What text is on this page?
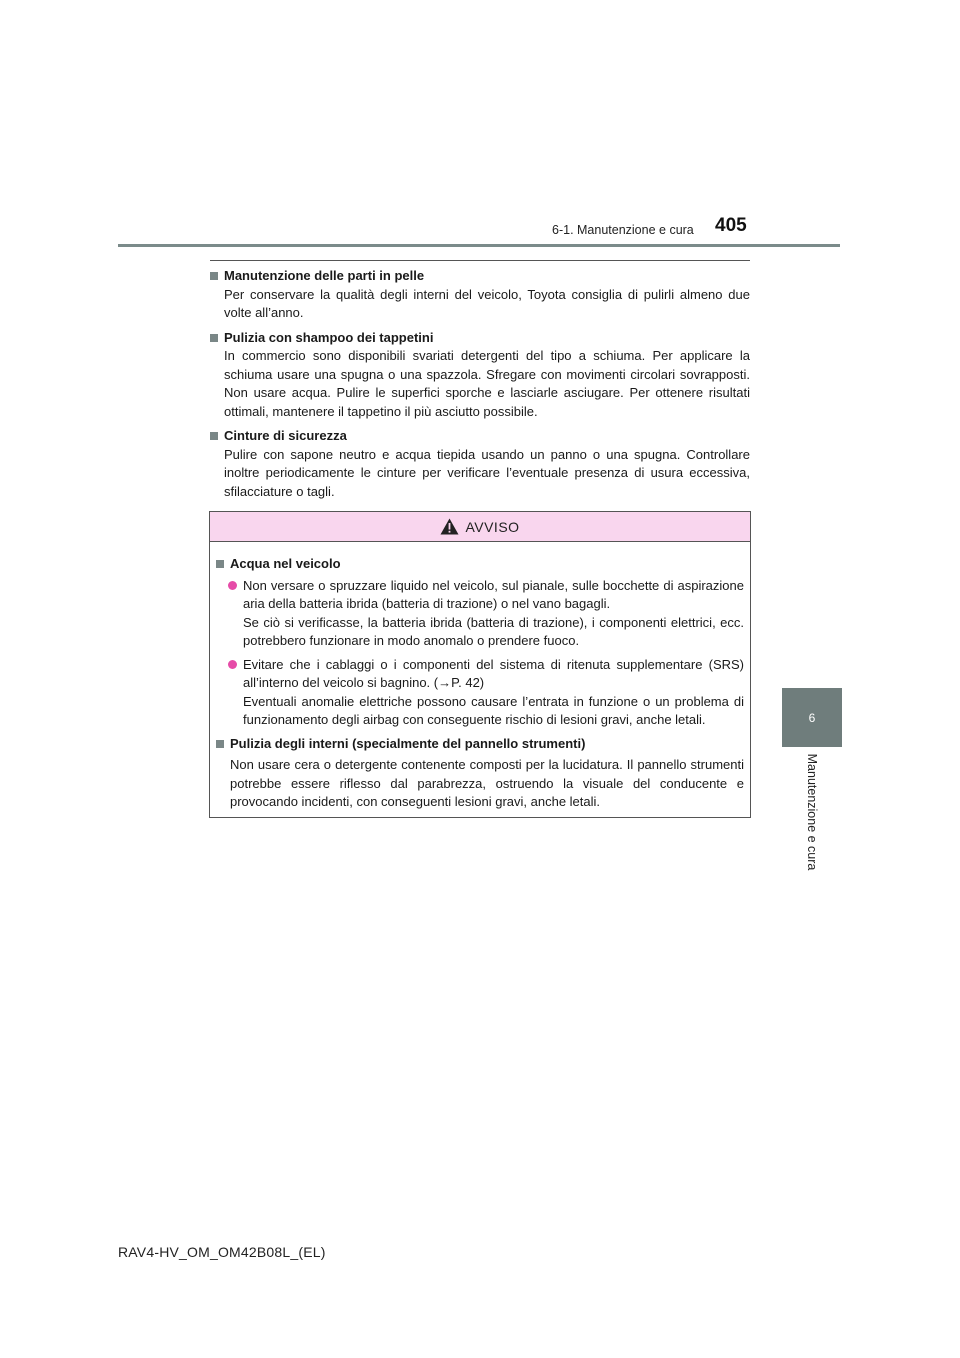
6-1. Manutenzione e cura 405
Manutenzione delle parti in pelle
Per conservare la qualità degli interni del veicolo, Toyota consiglia di pulirli almeno due volte all’anno.
Pulizia con shampoo dei tappetini
In commercio sono disponibili svariati detergenti del tipo a schiuma. Per applicare la schiuma usare una spugna o una spazzola. Sfregare con movimenti circolari sovrapposti. Non usare acqua. Pulire le superfici sporche e lasciarle asciugare. Per ottenere risultati ottimali, mantenere il tappetino il più asciutto possibile.
Cinture di sicurezza
Pulire con sapone neutro e acqua tiepida usando un panno o una spugna. Controllare inoltre periodicamente le cinture per verificare l’eventuale presenza di usura eccessiva, sfilacciature o tagli.
AVVISO
Acqua nel veicolo
Non versare o spruzzare liquido nel veicolo, sul pianale, sulle bocchette di aspirazione aria della batteria ibrida (batteria di trazione) o nel vano bagagli.
Se ciò si verificasse, la batteria ibrida (batteria di trazione), i componenti elettrici, ecc. potrebbero funzionare in modo anomalo o prendere fuoco.
Evitare che i cablaggi o i componenti del sistema di ritenuta supplementare (SRS) all’interno del veicolo si bagnino. (→P. 42)
Eventuali anomalie elettriche possono causare l’entrata in funzione o un problema di funzionamento degli airbag con conseguente rischio di lesioni gravi, anche letali.
Pulizia degli interni (specialmente del pannello strumenti)
Non usare cera o detergente contenente composti per la lucidatura. Il pannello strumenti potrebbe essere riflesso dal parabrezza, ostruendo la visuale del conducente e provocando incidenti, con conseguenti lesioni gravi, anche letali.
6
Manutenzione e cura
RAV4-HV_OM_OM42B08L_(EL)
